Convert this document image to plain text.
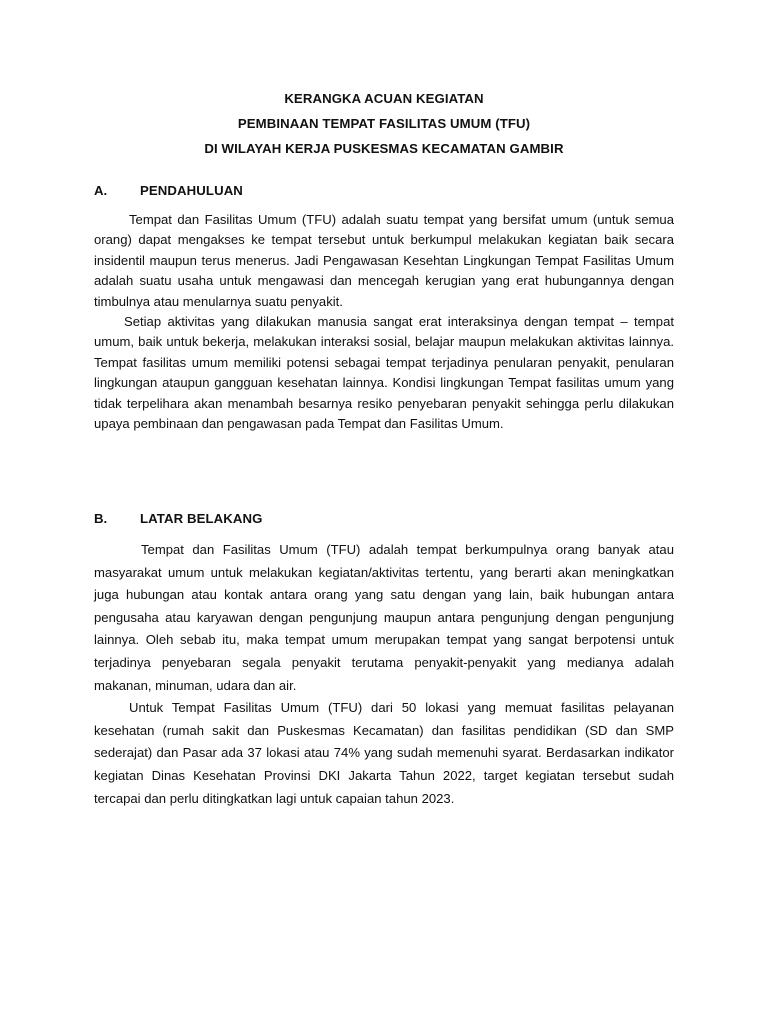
KERANGKA ACUAN KEGIATAN
PEMBINAAN TEMPAT FASILITAS UMUM (TFU)
DI WILAYAH KERJA PUSKESMAS KECAMATAN GAMBIR
A.	PENDAHULUAN

Tempat dan Fasilitas Umum (TFU) adalah suatu tempat yang bersifat umum (untuk semua orang) dapat mengakses ke tempat tersebut untuk berkumpul melakukan kegiatan baik secara insidentil maupun terus menerus. Jadi Pengawasan Kesehtan Lingkungan Tempat Fasilitas Umum adalah suatu usaha untuk mengawasi dan mencegah kerugian yang erat hubungannya dengan timbulnya atau menularnya suatu penyakit.

Setiap aktivitas yang dilakukan manusia sangat erat interaksinya dengan tempat – tempat umum, baik untuk bekerja, melakukan interaksi sosial, belajar maupun melakukan aktivitas lainnya. Tempat fasilitas umum memiliki potensi sebagai tempat terjadinya penularan penyakit, penularan lingkungan ataupun gangguan kesehatan lainnya. Kondisi lingkungan Tempat fasilitas umum yang tidak terpelihara akan menambah besarnya resiko penyebaran penyakit sehingga perlu dilakukan upaya pembinaan dan pengawasan pada Tempat dan Fasilitas Umum.

B.	LATAR BELAKANG

Tempat dan Fasilitas Umum (TFU) adalah tempat berkumpulnya orang banyak atau masyarakat umum untuk melakukan kegiatan/aktivitas tertentu, yang berarti akan meningkatkan juga hubungan atau kontak antara orang yang satu dengan yang lain, baik hubungan antara pengusaha atau karyawan dengan pengunjung maupun antara pengunjung dengan pengunjung lainnya. Oleh sebab itu, maka tempat umum merupakan tempat yang sangat berpotensi untuk terjadinya penyebaran segala penyakit terutama penyakit-penyakit yang medianya adalah makanan, minuman, udara dan air.

Untuk Tempat Fasilitas Umum (TFU) dari 50 lokasi yang memuat fasilitas pelayanan kesehatan (rumah sakit dan Puskesmas Kecamatan) dan fasilitas pendidikan (SD dan SMP sederajat) dan Pasar ada 37 lokasi atau 74% yang sudah memenuhi syarat. Berdasarkan indikator kegiatan Dinas Kesehatan Provinsi DKI Jakarta Tahun 2022, target kegiatan tersebut sudah tercapai dan perlu ditingkatkan lagi untuk capaian tahun 2023.
